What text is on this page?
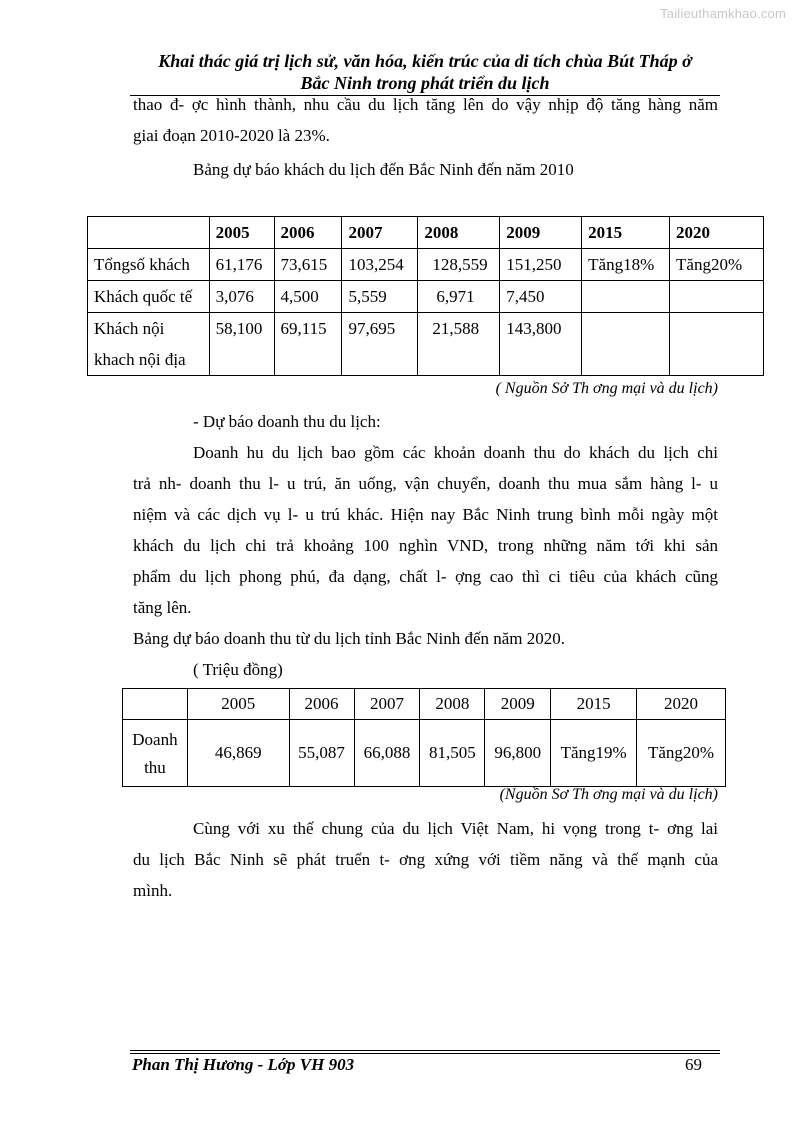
Tailieuthamkhao.com
Khai thác giá trị lịch sử, văn hóa, kiến trúc của di tích chùa Bút Tháp ở
Bắc Ninh trong phát triển du lịch
thao đ- ợc hình thành, nhu cầu du lịch tăng lên do vậy nhịp độ tăng hàng năm
giai đoạn 2010-2020 là 23%.
Bảng dự báo khách du lịch đến Bắc Ninh đến năm 2010
	2005	2006	2007	2008	2009	2015	2020
Tổngsố khách	61,176	73,615	103,254	128,559	151,250	Tăng18%	Tăng20%
Khách quốc tế	3,076	4,500	5,559	6,971	7,450		

Khách nội
khach nội địa	58,100	69,115	97,695	21,588	143,800		
( Nguồn Sở Th ơng mại và du lịch)
- Dự báo doanh thu du lịch:
Doanh hu du lịch bao gồm các khoản doanh thu do khách du lịch chi
trả nh- doanh thu l- u trú, ăn uống, vận chuyển, doanh thu mua sắm hàng l- u
niệm và các dịch vụ l- u trú khác. Hiện nay Bắc Ninh trung bình mỗi ngày một
khách du lịch chi trả khoảng 100 nghìn VND, trong những năm tới khi sản
phẩm du lịch phong phú, đa dạng, chất l- ợng cao thì ci tiêu của khách cũng
tăng lên.
Bảng dự báo doanh thu từ du lịch tỉnh Bắc Ninh đến năm 2020.
( Triệu đồng)
	2005	2006	2007	2008	2009	2015	2020

Doanh
thu	46,869	55,087	66,088	81,505	96,800	Tăng19%	Tăng20%
(Nguồn Sơ Th ơng mại và du lịch)
Cùng với xu thế chung của du lịch Việt Nam, hi vọng trong t- ơng lai
du lịch Bắc Ninh sẽ phát truển t- ơng xứng với tiềm năng và thế mạnh của
mình.
Phan Thị Hương - Lớp VH 903	69
